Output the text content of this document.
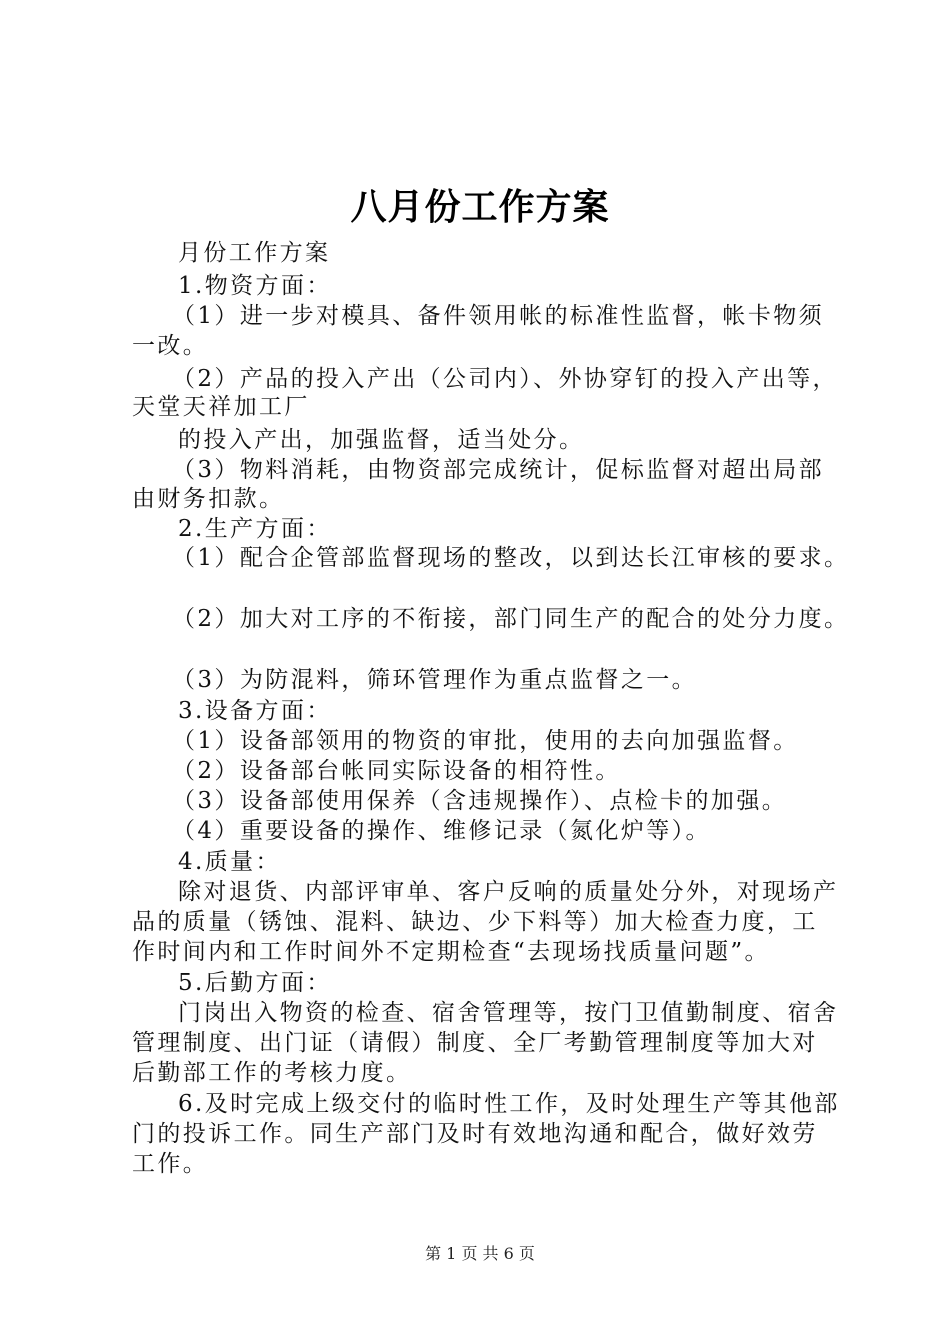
八月份工作方案
月份工作方案
1.物资方面：
（1）进一步对模具、备件领用帐的标准性监督，帐卡物须
一改。
（2）产品的投入产出（公司内）、外协穿钉的投入产出等，
天堂天祥加工厂
的投入产出，加强监督，适当处分。
（3）物料消耗，由物资部完成统计，促标监督对超出局部
由财务扣款。
2.生产方面：
（1）配合企管部监督现场的整改，以到达长江审核的要求。
（2）加大对工序的不衔接，部门同生产的配合的处分力度。
（3）为防混料，筛环管理作为重点监督之一。
3.设备方面：
（1）设备部领用的物资的审批，使用的去向加强监督。
（2）设备部台帐同实际设备的相符性。
（3）设备部使用保养（含违规操作）、点检卡的加强。
（4）重要设备的操作、维修记录（氮化炉等）。
4.质量：
除对退货、内部评审单、客户反响的质量处分外，对现场产
品的质量（锈蚀、混料、缺边、少下料等）加大检查力度，工
作时间内和工作时间外不定期检查“去现场找质量问题”。
5.后勤方面：
门岗出入物资的检查、宿舍管理等，按门卫值勤制度、宿舍
管理制度、出门证（请假）制度、全厂考勤管理制度等加大对
后勤部工作的考核力度。
6.及时完成上级交付的临时性工作，及时处理生产等其他部
门的投诉工作。同生产部门及时有效地沟通和配合，做好效劳
工作。
第 1 页 共 6 页
